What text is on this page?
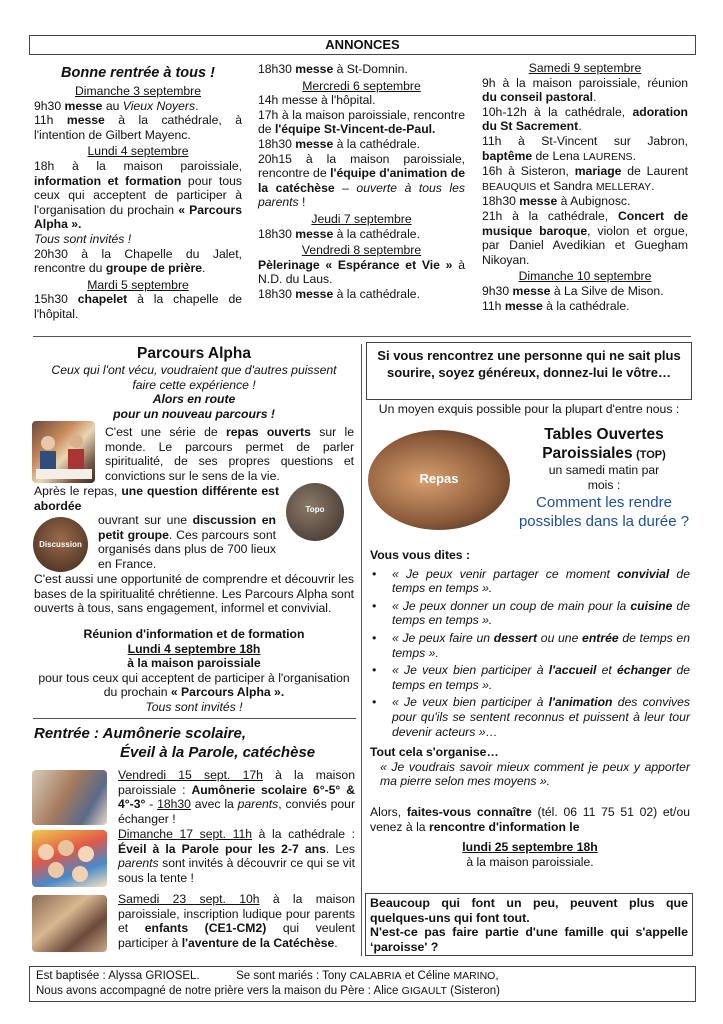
ANNONCES

Bonne rentrée à tous !

Dimanche 3 septembre

9h30 messe au Vieux Noyers.

11h messe à la cathédrale, à l'intention de Gilbert Mayenc.

Lundi 4 septembre

18h à la maison paroissiale, information et formation pour tous ceux qui acceptent de participer à l'organisation du prochain « Parcours Alpha ».

Tous sont invités !

20h30 à la Chapelle du Jalet, rencontre du groupe de prière.

Mardi 5 septembre

15h30 chapelet à la chapelle de l'hôpital.

18h30 messe à St-Domnin.

Mercredi 6 septembre

14h messe à l'hôpital.

17h à la maison paroissiale, rencontre de l'équipe St-Vincent-de-Paul.

18h30 messe à la cathédrale.

20h15 à la maison paroissiale, rencontre de l'équipe d'animation de la catéchèse – ouverte à tous les parents !

Jeudi 7 septembre

18h30 messe à la cathédrale.

Vendredi 8 septembre

Pèlerinage « Espérance et Vie » à N.D. du Laus.

18h30 messe à la cathédrale.

Samedi 9 septembre

9h à la maison paroissiale, réunion du conseil pastoral.

10h-12h à la cathédrale, adoration du St Sacrement.

11h à St-Vincent sur Jabron, baptême de Lena LAURENS.

16h à Sisteron, mariage de Laurent BEAUQUIS et Sandra MELLERAY.

18h30 messe à Aubignosc.

21h à la cathédrale, Concert de musique baroque, violon et orgue, par Daniel Avedikian et Guegham Nikoyan.

Dimanche 10 septembre

9h30 messe à La Silve de Mison.

11h messe à la cathédrale.

Parcours Alpha

Ceux qui l'ont vécu, voudraient que d'autres puissent faire cette expérience !

Alors en route

pour un nouveau parcours !

Topo
Discussion
C'est une série de repas ouverts sur le monde. Le parcours permet de parler spiritualité, de ses propres questions et convictions sur le sens de la vie.
Après le repas, une question différente est abordée
ouvrant sur une discussion en petit groupe. Ces parcours sont organisés dans plus de 700 lieux en France.
C'est aussi une opportunité de comprendre et découvrir les bases de la spiritualité chrétienne. Les Parcours Alpha sont ouverts à tous, sans engagement, informel et convivial.

Réunion d'information et de formation

Lundi 4 septembre 18h

à la maison paroissiale

pour tous ceux qui acceptent de participer à l'organisation du prochain « Parcours Alpha ».

Tous sont invités !

Rentrée : Aumônerie scolaire,

Éveil à la Parole, catéchèse

Vendredi 15 sept. 17h à la maison paroissiale : Aumônerie scolaire 6°-5° & 4°-3° - 18h30 avec la parents, conviés pour échanger !
Dimanche 17 sept. 11h à la cathédrale : Éveil à la Parole pour les 2-7 ans. Les parents sont invités à découvrir ce qui se vit sous la tente !
Samedi 23 sept. 10h à la maison paroissiale, inscription ludique pour parents et enfants (CE1-CM2) qui veulent participer à l'aventure de la Catéchèse.
Si vous rencontrez une personne qui ne sait plus sourire, soyez généreux, donnez-lui le vôtre…
Un moyen exquis possible pour la plupart d'entre nous :
Repas

Tables Ouvertes

Paroissiales (TOP)

un samedi matin par mois :

Comment les rendre possibles dans la durée ?

Vous vous dites :

• « Je peux venir partager ce moment convivial de temps en temps ».
• « Je peux donner un coup de main pour la cuisine de temps en temps ».
• « Je peux faire un dessert ou une entrée de temps en temps ».
• « Je veux bien participer à l'accueil et échanger de temps en temps ».
• « Je veux bien participer à l'animation des convives pour qu'ils se sentent reconnus et puissent à leur tour devenir acteurs »…

Tout cela s'organise…

« Je voudrais savoir mieux comment je peux y apporter ma pierre selon mes moyens ».

Alors, faites-vous connaître (tél. 06 11 75 51 02) et/ou venez à la rencontre d'information le

lundi 25 septembre 18h

à la maison paroissiale.

Beaucoup qui font un peu, peuvent plus que quelques-uns qui font tout.

N'est-ce pas faire partie d'une famille qui s'appelle ‘paroisse' ?

Est baptisée : Alyssa GRIOSEL.	Se sont mariés : Tony CALABRIA et Céline MARINO,

Nous avons accompagné de notre prière vers la maison du Père : Alice GIGAULT (Sisteron)
